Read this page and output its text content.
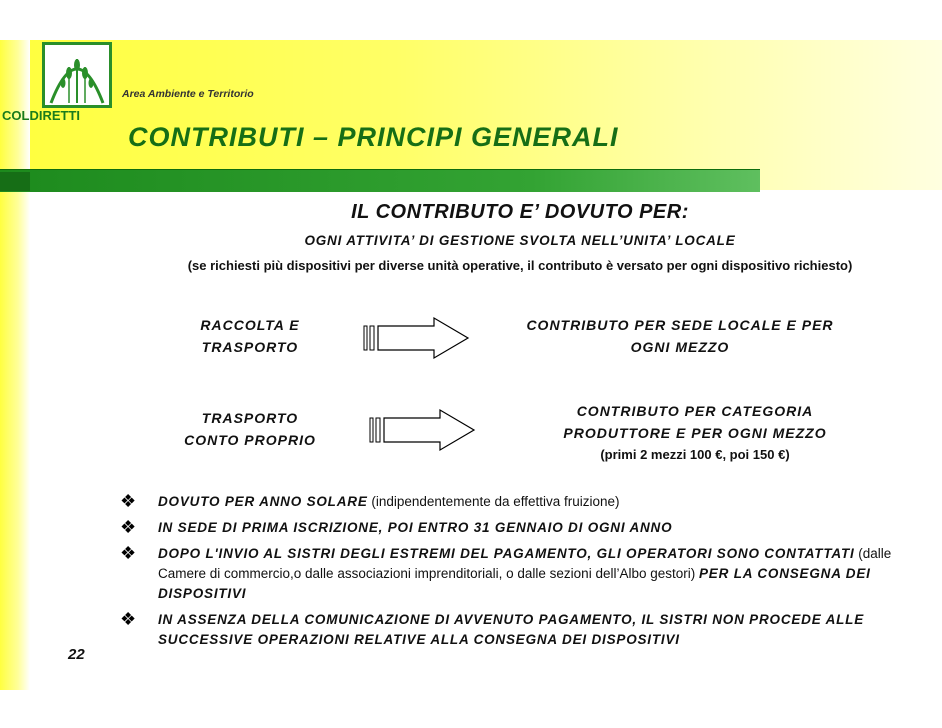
COLDIRETTI
Area Ambiente e Territorio
CONTRIBUTI – PRINCIPI GENERALI
IL CONTRIBUTO E’ DOVUTO PER:
OGNI ATTIVITA’ DI GESTIONE SVOLTA NELL’UNITA’ LOCALE
(se richiesti più dispositivi per diverse unità operative, il contributo è versato per ogni dispositivo richiesto)
RACCOLTA E
TRASPORTO
CONTRIBUTO PER SEDE LOCALE E PER
OGNI MEZZO
TRASPORTO
CONTO PROPRIO
CONTRIBUTO PER CATEGORIA
PRODUTTORE E PER OGNI MEZZO
(primi 2 mezzi 100 €, poi 150 €)
❖ DOVUTO PER ANNO SOLARE (indipendentemente da effettiva fruizione)
❖ IN SEDE DI PRIMA ISCRIZIONE, POI ENTRO 31 GENNAIO DI OGNI ANNO
❖ DOPO L'INVIO AL SISTRI DEGLI ESTREMI DEL PAGAMENTO, GLI OPERATORI SONO CONTATTATI (dalle Camere di commercio,o dalle associazioni imprenditoriali, o dalle sezioni dell’Albo gestori) PER LA CONSEGNA DEI DISPOSITIVI
❖ IN ASSENZA DELLA COMUNICAZIONE DI AVVENUTO PAGAMENTO, IL SISTRI NON PROCEDE ALLE SUCCESSIVE OPERAZIONI RELATIVE ALLA CONSEGNA DEI DISPOSITIVI
22
